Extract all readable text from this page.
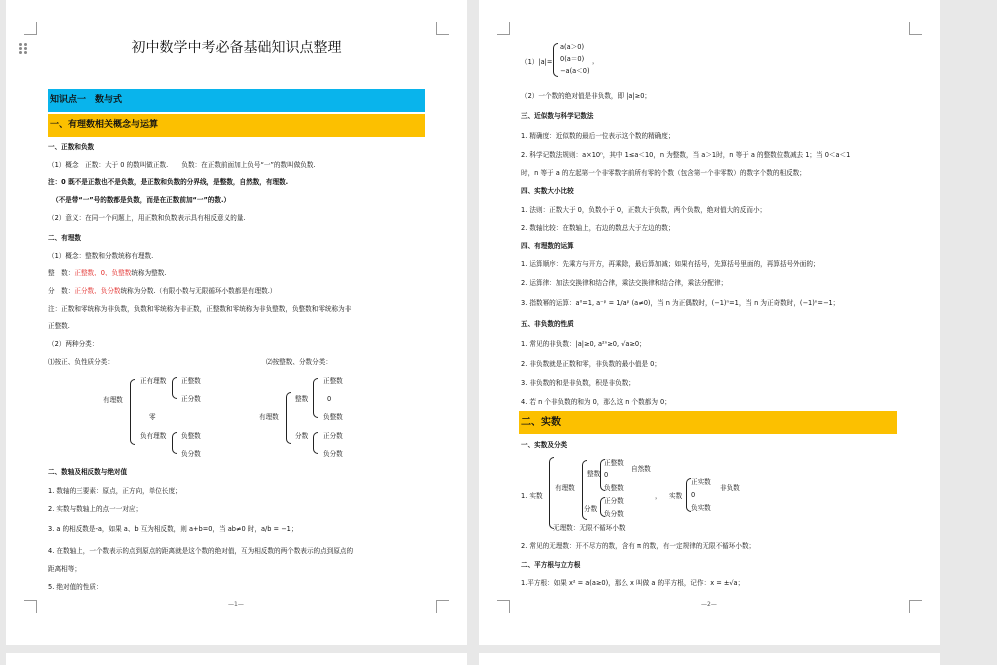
初中数学中考必备基础知识点整理
知识点一　数与式
一、有理数相关概念与运算
一、正数和负数
（1）概念　正数：大于 0 的数叫做正数.　　负数：在正数前面加上负号“一”的数叫做负数.
注：0 既不是正数也不是负数，是正数和负数的分界线，是整数，自然数，有理数.
（不是带“一”号的数都是负数，而是在正数前加“一”的数.）
（2）意义：在同一个问题上，用正数和负数表示具有相反意义的量.
二、有理数
（1）概念：整数和分数统称有理数.
整　数：正整数、0、负整数统称为整数.
分　数：正分数、负分数统称为分数.（有限小数与无限循环小数都是有理数.）
注：正数和零统称为非负数，负数和零统称为非正数，正整数和零统称为非负整数，负整数和零统称为非
正整数.
（2）两种分类：
⑴按正、负性质分类：	⑵按整数、分数分类：
有理数
正有理数 正整数
正分数
零
负有理数 负整数
负分数
有理数
整数
正整数
0
负整数
分数 正分数
负分数
二、数轴及相反数与绝对值
1. 数轴的三要素：原点，正方向，单位长度；
2. 实数与数轴上的点一一对应；
3. a 的相反数是-a，如果 a、b 互为相反数，则 a+b=0，当 ab≠0 时，a/b = −1；
4. 在数轴上，一个数表示的点到原点的距离就是这个数的绝对值，互为相反数的两个数表示的点到原点的
距离相等；
5. 绝对值的性质：
—1—
（1）|a|=
a(a＞0)
0(a＝0)
−a(a＜0)
，
（2）一个数的绝对值是非负数，即 |a|≥0；
三、近似数与科学记数法
1. 精确度：近似数的最后一位表示这个数的精确度；
2. 科学记数法规则：a×10ⁿ，其中 1≤a＜10，n 为整数，当 a＞1时，n 等于 a 的整数位数减去 1；当 0＜a＜1
时，n 等于 a 的左起第一个非零数字前所有零的个数（包含第一个非零数）的数字个数的相反数；
四、实数大小比较
1. 法则：正数大于 0，负数小于 0，正数大于负数，两个负数，绝对值大的反而小；
2. 数轴比较：在数轴上，右边的数总大于左边的数；
四、有理数的运算
1. 运算顺序：先乘方与开方，再乘除，最后算加减；如果有括号，先算括号里面的，再算括号外面的；
2. 运算律：加法交换律和结合律，乘法交换律和结合律，乘法分配律；
3. 指数幂的运算：a⁰=1, a⁻ᵖ = 1/aᵖ (a≠0)，当 n 为正偶数时，(−1)ⁿ=1，当 n 为正奇数时，(−1)ⁿ=−1；
五、非负数的性质
1. 常见的非负数：|a|≥0, a²ⁿ≥0, √a≥0；
2. 非负数就是正数和零，非负数的最小值是 0；
3. 非负数的和是非负数，积是非负数；
4. 若 n 个非负数的和为 0，那么这 n 个数都为 0；
二、实数
一、实数及分类
1. 实数
有理数
整数
正整数
0
负整数
自然数
分数
正分数
负分数
无理数：无限不循环小数
， 实数
正实数
0
负实数
非负数
2. 常见的无理数：开不尽方的数，含有 π 的数，有一定规律的无限不循环小数；
二、平方根与立方根
1.平方根：如果 x² = a(a≥0)，那么 x 叫做 a 的平方根，记作：x = ±√a；
—2—
